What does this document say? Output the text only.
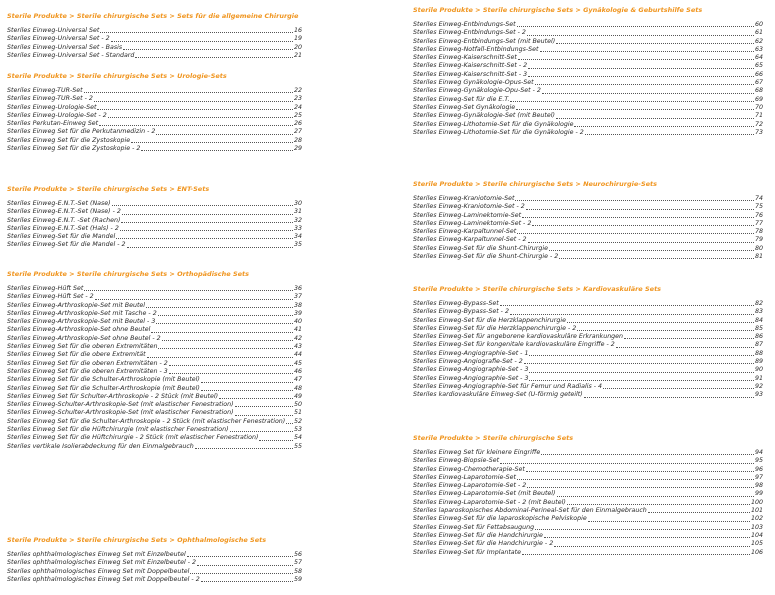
Sterile Produkte > Sterile chirurgische Sets > Sets für die allgemeine Chirurgie
Steriles Einweg-Universal Set	16
Steriles Einweg-Universal Set - 2	19
Steriles Einweg-Universal Set - Basis	20
Steriles Einweg-Universal Set - Standard	21
Sterile Produkte > Sterile chirurgische Sets > Urologie-Sets
Steriles Einweg-TUR-Set	22
Steriles Einweg-TUR-Set - 2	23
Steriles Einweg-Urologie-Set	24
Steriles Einweg-Urologie-Set - 2	25
Steriles Perkutan-Einweg Set	26
Steriles Einweg Set für die Perkutanmedizin - 2	27
Steriles Einweg Set für die Zystoskopie	28
Steriles Einweg Set für die Zystoskopie - 2	29
Sterile Produkte > Sterile chirurgische Sets > ENT-Sets
Steriles Einweg-E.N.T.-Set (Nase)	30
Steriles Einweg-E.N.T.-Set (Nase) - 2	31
Steriles Einweg-E.N.T. -Set (Rachen)	32
Steriles Einweg-E.N.T.-Set (Hals) - 2	33
Steriles Einweg-Set für die Mandel	34
Steriles Einweg-Set für die Mandel - 2	35
Sterile Produkte > Sterile chirurgische Sets > Orthopädische Sets
Steriles Einweg-Hüft Set	36
Steriles Einweg-Hüft Set - 2	37
Steriles Einweg-Arthroskopie-Set mit Beutel	38
Steriles Einweg-Arthroskopie-Set mit Tasche - 2	39
Steriles Einweg-Arthroskopie-Set mit Beutel - 3	40
Steriles Einweg-Arthroskopie-Set ohne Beutel	41
Steriles Einweg-Arthroskopie-Set ohne Beutel - 2	42
Steriles Einweg Set für die oberen Extremitäten	43
Steriles Einweg Set für die obere Extremität	44
Steriles Einweg Set für die oberen Extremitäten - 2	45
Steriles Einweg Set für die oberen Extremitäten - 3	46
Steriles Einweg Set für die Schulter-Arthroskopie (mit Beutel)	47
Steriles Einweg Set für die Schulter-Arthroskopie (mit Beutel)	48
Steriles Einweg Set für Schulter-Arthroskopie - 2 Stück (mit Beutel)	49
Steriles Einweg-Schulter-Arthroskopie-Set (mit elastischer Fenestration)	50
Steriles Einweg-Schulter-Arthroskopie-Set (mit elastischer Fenestration)	51
Steriles Einweg Set für die Schulter-Arthroskopie - 2 Stück (mit elastischer Fenestration) 52
Steriles Einweg Set für die Hüftchirurgie (mit elastischer Fenestration)	53
Steriles Einweg Set für die Hüftchirurgie - 2 Stück (mit elastischer Fenestration)	54
Steriles vertikale Isolierabdeckung für den Einmalgebrauch	55
Sterile Produkte > Sterile chirurgische Sets > Ophthalmologische Sets
Steriles ophthalmologisches Einweg Set mit Einzelbeutel	56
Steriles ophthalmologisches Einweg Set mit Einzelbeutel - 2	57
Steriles ophthalmologisches Einweg Set mit Doppelbeutel	58
Steriles ophthalmologisches Einweg Set mit Doppelbeutel - 2	59
Sterile Produkte > Sterile chirurgische Sets > Gynäkologie & Geburtshilfe Sets
Steriles Einweg-Entbindungs-Set	60
Steriles Einweg-Entbindungs-Set - 2	61
Steriles Einweg-Entbindungs-Set (mit Beutel)	62
Steriles Einweg-Notfall-Entbindungs-Set	63
Steriles Einweg-Kaiserschnitt-Set	64
Steriles Einweg-Kaiserschnitt-Set - 2	65
Steriles Einweg-Kaiserschnitt-Set - 3	66
Steriles Einweg Gynäkologie-Opus-Set	67
Steriles Einweg-Gynäkologie-Opu-Set - 2	68
Steriles Einweg-Set für die E.T.	69
Steriles Einweg-Set Gynäkologie	70
Steriles Einweg-Gynäkologie-Set (mit Beutel)	71
Steriles Einweg-Lithotomie-Set für die Gynäkologie	72
Steriles Einweg-Lithotomie-Set für die Gynäkologie - 2	73
Sterile Produkte > Sterile chirurgische Sets > Neurochirurgie-Sets
Steriles Einweg-Kraniotomie-Set	74
Steriles Einweg-Kraniotomie-Set - 2	75
Steriles Einweg-Laminektomie-Set	76
Steriles Einweg-Laminektomie-Set - 2	77
Steriles Einweg-Karpaltunnel-Set	78
Steriles Einweg-Karpaltunnel-Set - 2	79
Steriles Einweg-Set für die Shunt-Chirurgie	80
Steriles Einweg-Set für die Shunt-Chirurgie - 2	81
Sterile Produkte > Sterile chirurgische Sets > Kardiovaskuläre Sets
Steriles Einweg-Bypass-Set	82
Steriles Einweg-Bypass-Set - 2	83
Steriles Einweg-Set für die Herzklappenchirurgie	84
Steriles Einweg-Set für die Herzklappenchirurgie - 2	85
Steriles Einweg-Set für angeborene kardiovaskuläre Erkrankungen	86
Steriles Einweg-Set für kongenitale kardiovaskuläre Eingriffe - 2	87
Steriles Einweg-Angiographie-Set - 1	88
Steriles Einweg-Angiografie-Set - 2	89
Steriles Einweg-Angiographie-Set - 3	90
Steriles Einweg-Angiographie-Set - 3	91
Steriles Einweg-Angiographie-Set für Femur und Radialis - 4	92
Steriles kardiovaskuläre Einweg-Set (U-förmig geteilt)	93
Sterile Produkte > Sterile chirurgische Sets
Steriles Einweg Set für kleinere Eingriffe	94
Steriles Einweg-Biopsie-Set	95
Steriles Einweg-Chemotherapie-Set	96
Steriles Einweg-Laparotomie-Set	97
Steriles Einweg-Laparotomie-Set - 2	98
Steriles Einweg-Laparotomie-Set (mit Beutel)	99
Steriles Einweg-Laparotomie-Set - 2 (mit Beutel)	100
Steriles laparoskopisches Abdominal-Perineal-Set für den Einmalgebrauch	101
Steriles Einweg-Set für die laparoskopische Pelviskopie	102
Steriles Einweg-Set für Fettabsaugung	103
Steriles Einweg-Set für die Handchirurgie	104
Steriles Einweg-Set für die Handchirurgie - 2	105
Steriles Einweg-Set für Implantate	106
